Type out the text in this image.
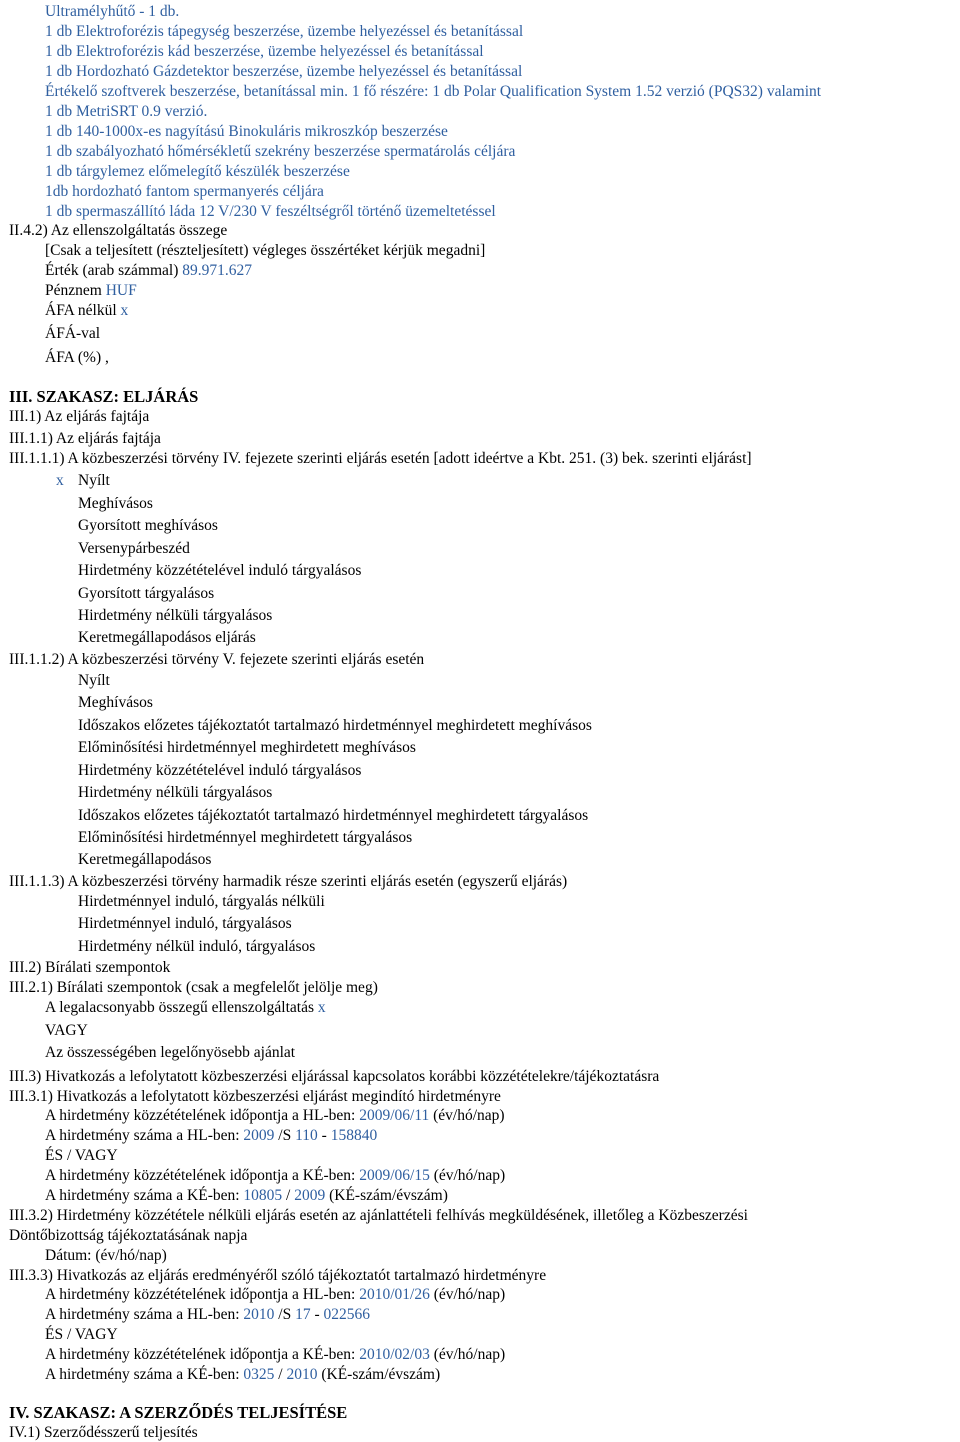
Ultramélyhűtő - 1 db.
1 db Elektroforézis tápegység beszerzése, üzembe helyezéssel és betanítással
1 db Elektroforézis kád beszerzése, üzembe helyezéssel és betanítással
1 db Hordozható Gázdetektor beszerzése, üzembe helyezéssel és betanítással
Értékelő szoftverek beszerzése, betanítással min. 1 fő részére: 1 db Polar Qualification System 1.52 verzió (PQS32) valamint
1 db MetriSRT 0.9 verzió.
1 db 140-1000x-es nagyítású Binokuláris mikroszkóp beszerzése
1 db szabályozható hőmérsékletű szekrény beszerzése spermatárolás céljára
1 db tárgylemez előmelegítő készülék beszerzése
1db hordozható fantom spermanyerés céljára
1 db spermaszállító láda 12 V/230 V feszéltségről történő üzemeltetéssel
II.4.2) Az ellenszolgáltatás összege
[Csak a teljesített (részteljesített) végleges összértéket kérjük megadni]
Érték (arab számmal) 89.971.627
Pénznem HUF
ÁFA nélkül x
ÁFÁ-val
ÁFA (%) ,
III. SZAKASZ: ELJÁRÁS
III.1) Az eljárás fajtája
III.1.1) Az eljárás fajtája
III.1.1.1) A közbeszerzési törvény IV. fejezete szerinti eljárás esetén [adott ideértve a Kbt. 251. (3) bek. szerinti eljárást]
x Nyílt
Meghívásos
Gyorsított meghívásos
Versenypárbeszéd
Hirdetmény közzétételével induló tárgyalásos
Gyorsított tárgyalásos
Hirdetmény nélküli tárgyalásos
Keretmegállapodásos eljárás
III.1.1.2) A közbeszerzési törvény V. fejezete szerinti eljárás esetén
Nyílt
Meghívásos
Időszakos előzetes tájékoztatót tartalmazó hirdetménnyel meghirdetett meghívásos
Előminősítési hirdetménnyel meghirdetett meghívásos
Hirdetmény közzétételével induló tárgyalásos
Hirdetmény nélküli tárgyalásos
Időszakos előzetes tájékoztatót tartalmazó hirdetménnyel meghirdetett tárgyalásos
Előminősítési hirdetménnyel meghirdetett tárgyalásos
Keretmegállapodásos
III.1.1.3) A közbeszerzési törvény harmadik része szerinti eljárás esetén (egyszerű eljárás)
Hirdetménnyel induló, tárgyalás nélküli
Hirdetménnyel induló, tárgyalásos
Hirdetmény nélkül induló, tárgyalásos
III.2) Bírálati szempontok
III.2.1) Bírálati szempontok (csak a megfelelőt jelölje meg)
A legalacsonyabb összegű ellenszolgáltatás x
VAGY
Az összességében legelőnyösebb ajánlat
III.3) Hivatkozás a lefolytatott közbeszerzési eljárással kapcsolatos korábbi közzétételekre/tájékoztatásra
III.3.1) Hivatkozás a lefolytatott közbeszerzési eljárást megindító hirdetményre
A hirdetmény közzétételének időpontja a HL-ben: 2009/06/11 (év/hó/nap)
A hirdetmény száma a HL-ben: 2009 /S 110 - 158840
ÉS / VAGY
A hirdetmény közzétételének időpontja a KÉ-ben: 2009/06/15 (év/hó/nap)
A hirdetmény száma a KÉ-ben: 10805 / 2009 (KÉ-szám/évszám)
III.3.2) Hirdetmény közzététele nélküli eljárás esetén az ajánlattételi felhívás megküldésének, illetőleg a Közbeszerzési
Döntőbizottság tájékoztatásának napja
Dátum: (év/hó/nap)
III.3.3) Hivatkozás az eljárás eredményéről szóló tájékoztatót tartalmazó hirdetményre
A hirdetmény közzétételének időpontja a HL-ben: 2010/01/26 (év/hó/nap)
A hirdetmény száma a HL-ben: 2010 /S 17 - 022566
ÉS / VAGY
A hirdetmény közzétételének időpontja a KÉ-ben: 2010/02/03 (év/hó/nap)
A hirdetmény száma a KÉ-ben: 0325 / 2010 (KÉ-szám/évszám)
IV. SZAKASZ: A SZERZŐDÉS TELJESÍTÉSE
IV.1) Szerződésszerű teljesítés
